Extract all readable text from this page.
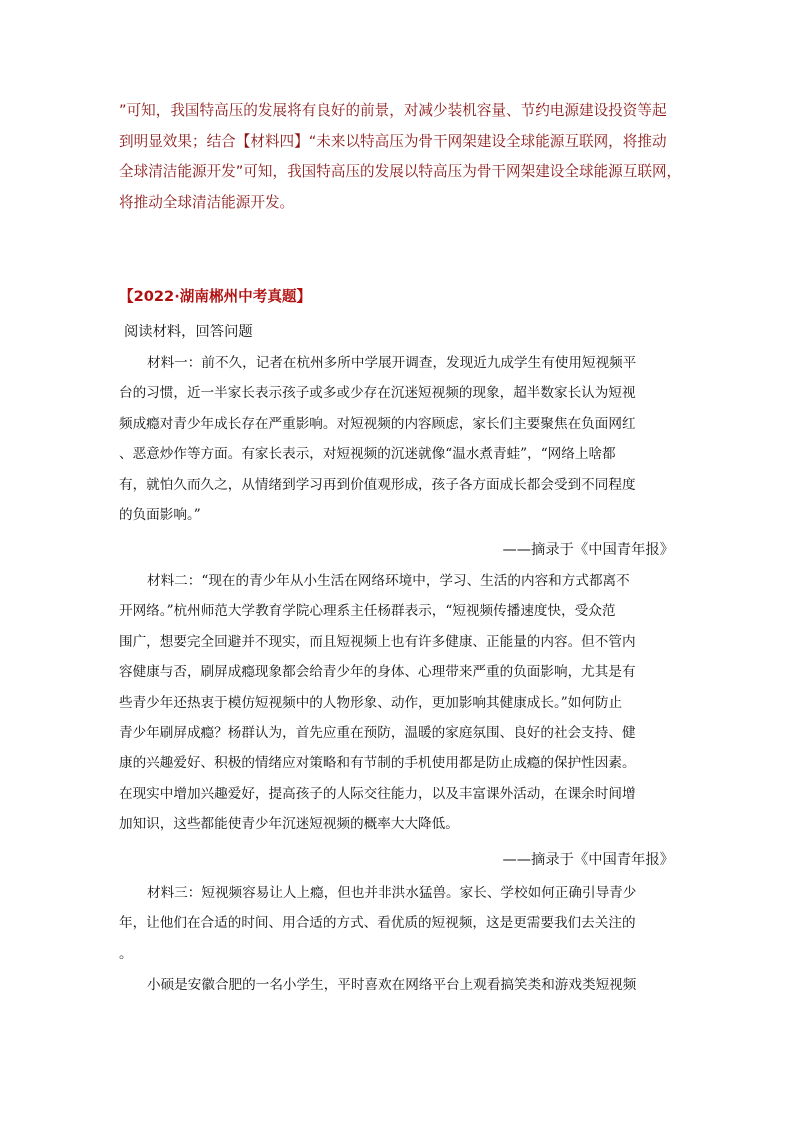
”可知，我国特高压的发展将有良好的前景，对减少装机容量、节约电源建设投资等起
到明显效果；结合【材料四】“未来以特高压为骨干网架建设全球能源互联网，将推动
全球清洁能源开发”可知，我国特高压的发展以特高压为骨干网架建设全球能源互联网，
将推动全球清洁能源开发。

【2022·湖南郴州中考真题】

阅读材料，回答问题

材料一：前不久，记者在杭州多所中学展开调查，发现近九成学生有使用短视频平
台的习惯，近一半家长表示孩子或多或少存在沉迷短视频的现象，超半数家长认为短视
频成瘾对青少年成长存在严重影响。对短视频的内容顾虑，家长们主要聚焦在负面网红
、恶意炒作等方面。有家长表示，对短视频的沉迷就像“温水煮青蛙”，“网络上啥都
有，就怕久而久之，从情绪到学习再到价值观形成，孩子各方面成长都会受到不同程度
的负面影响。”

——摘录于《中国青年报》

材料二：“现在的青少年从小生活在网络环境中，学习、生活的内容和方式都离不
开网络。”杭州师范大学教育学院心理系主任杨群表示，“短视频传播速度快，受众范
围广，想要完全回避并不现实，而且短视频上也有许多健康、正能量的内容。但不管内
容健康与否，刷屏成瘾现象都会给青少年的身体、心理带来严重的负面影响，尤其是有
些青少年还热衷于模仿短视频中的人物形象、动作，更加影响其健康成长。”如何防止
青少年刷屏成瘾？杨群认为，首先应重在预防，温暖的家庭氛围、良好的社会支持、健
康的兴趣爱好、积极的情绪应对策略和有节制的手机使用都是防止成瘾的保护性因素。
在现实中增加兴趣爱好，提高孩子的人际交往能力，以及丰富课外活动，在课余时间增
加知识，这些都能使青少年沉迷短视频的概率大大降低。

——摘录于《中国青年报》

材料三：短视频容易让人上瘾，但也并非洪水猛兽。家长、学校如何正确引导青少
年，让他们在合适的时间、用合适的方式、看优质的短视频，这是更需要我们去关注的
。

小硕是安徽合肥的一名小学生，平时喜欢在网络平台上观看搞笑类和游戏类短视频
